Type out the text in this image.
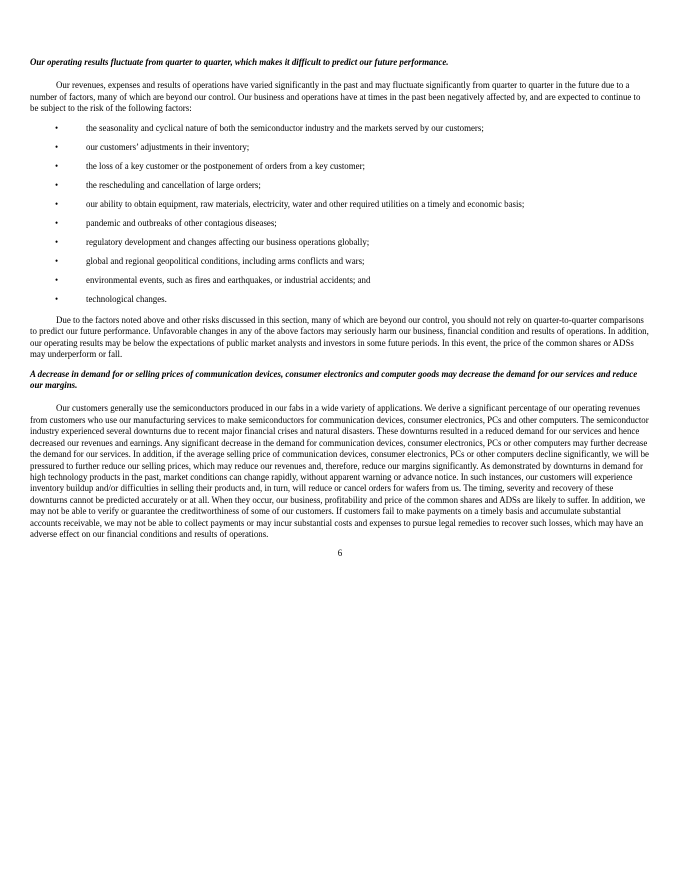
Our operating results fluctuate from quarter to quarter, which makes it difficult to predict our future performance.

Our revenues, expenses and results of operations have varied significantly in the past and may fluctuate significantly from quarter to quarter in the future due to a number of factors, many of which are beyond our control. Our business and operations have at times in the past been negatively affected by, and are expected to continue to be subject to the risk of the following factors:

•	the seasonality and cyclical nature of both the semiconductor industry and the markets served by our customers;
•	our customers’ adjustments in their inventory;
•	the loss of a key customer or the postponement of orders from a key customer;
•	the rescheduling and cancellation of large orders;
•	our ability to obtain equipment, raw materials, electricity, water and other required utilities on a timely and economic basis;
•	pandemic and outbreaks of other contagious diseases;
•	regulatory development and changes affecting our business operations globally;
•	global and regional geopolitical conditions, including arms conflicts and wars;
•	environmental events, such as fires and earthquakes, or industrial accidents; and
•	technological changes.

Due to the factors noted above and other risks discussed in this section, many of which are beyond our control, you should not rely on quarter-to-quarter comparisons to predict our future performance. Unfavorable changes in any of the above factors may seriously harm our business, financial condition and results of operations. In addition, our operating results may be below the expectations of public market analysts and investors in some future periods. In this event, the price of the common shares or ADSs may underperform or fall.

A decrease in demand for or selling prices of communication devices, consumer electronics and computer goods may decrease the demand for our services and reduce our margins.

Our customers generally use the semiconductors produced in our fabs in a wide variety of applications. We derive a significant percentage of our operating revenues from customers who use our manufacturing services to make semiconductors for communication devices, consumer electronics, PCs and other computers. The semiconductor industry experienced several downturns due to recent major financial crises and natural disasters. These downturns resulted in a reduced demand for our services and hence decreased our revenues and earnings. Any significant decrease in the demand for communication devices, consumer electronics, PCs or other computers may further decrease the demand for our services. In addition, if the average selling price of communication devices, consumer electronics, PCs or other computers decline significantly, we will be pressured to further reduce our selling prices, which may reduce our revenues and, therefore, reduce our margins significantly. As demonstrated by downturns in demand for high technology products in the past, market conditions can change rapidly, without apparent warning or advance notice. In such instances, our customers will experience inventory buildup and/or difficulties in selling their products and, in turn, will reduce or cancel orders for wafers from us. The timing, severity and recovery of these downturns cannot be predicted accurately or at all. When they occur, our business, profitability and price of the common shares and ADSs are likely to suffer. In addition, we may not be able to verify or guarantee the creditworthiness of some of our customers. If customers fail to make payments on a timely basis and accumulate substantial accounts receivable, we may not be able to collect payments or may incur substantial costs and expenses to pursue legal remedies to recover such losses, which may have an adverse effect on our financial conditions and results of operations.

6
